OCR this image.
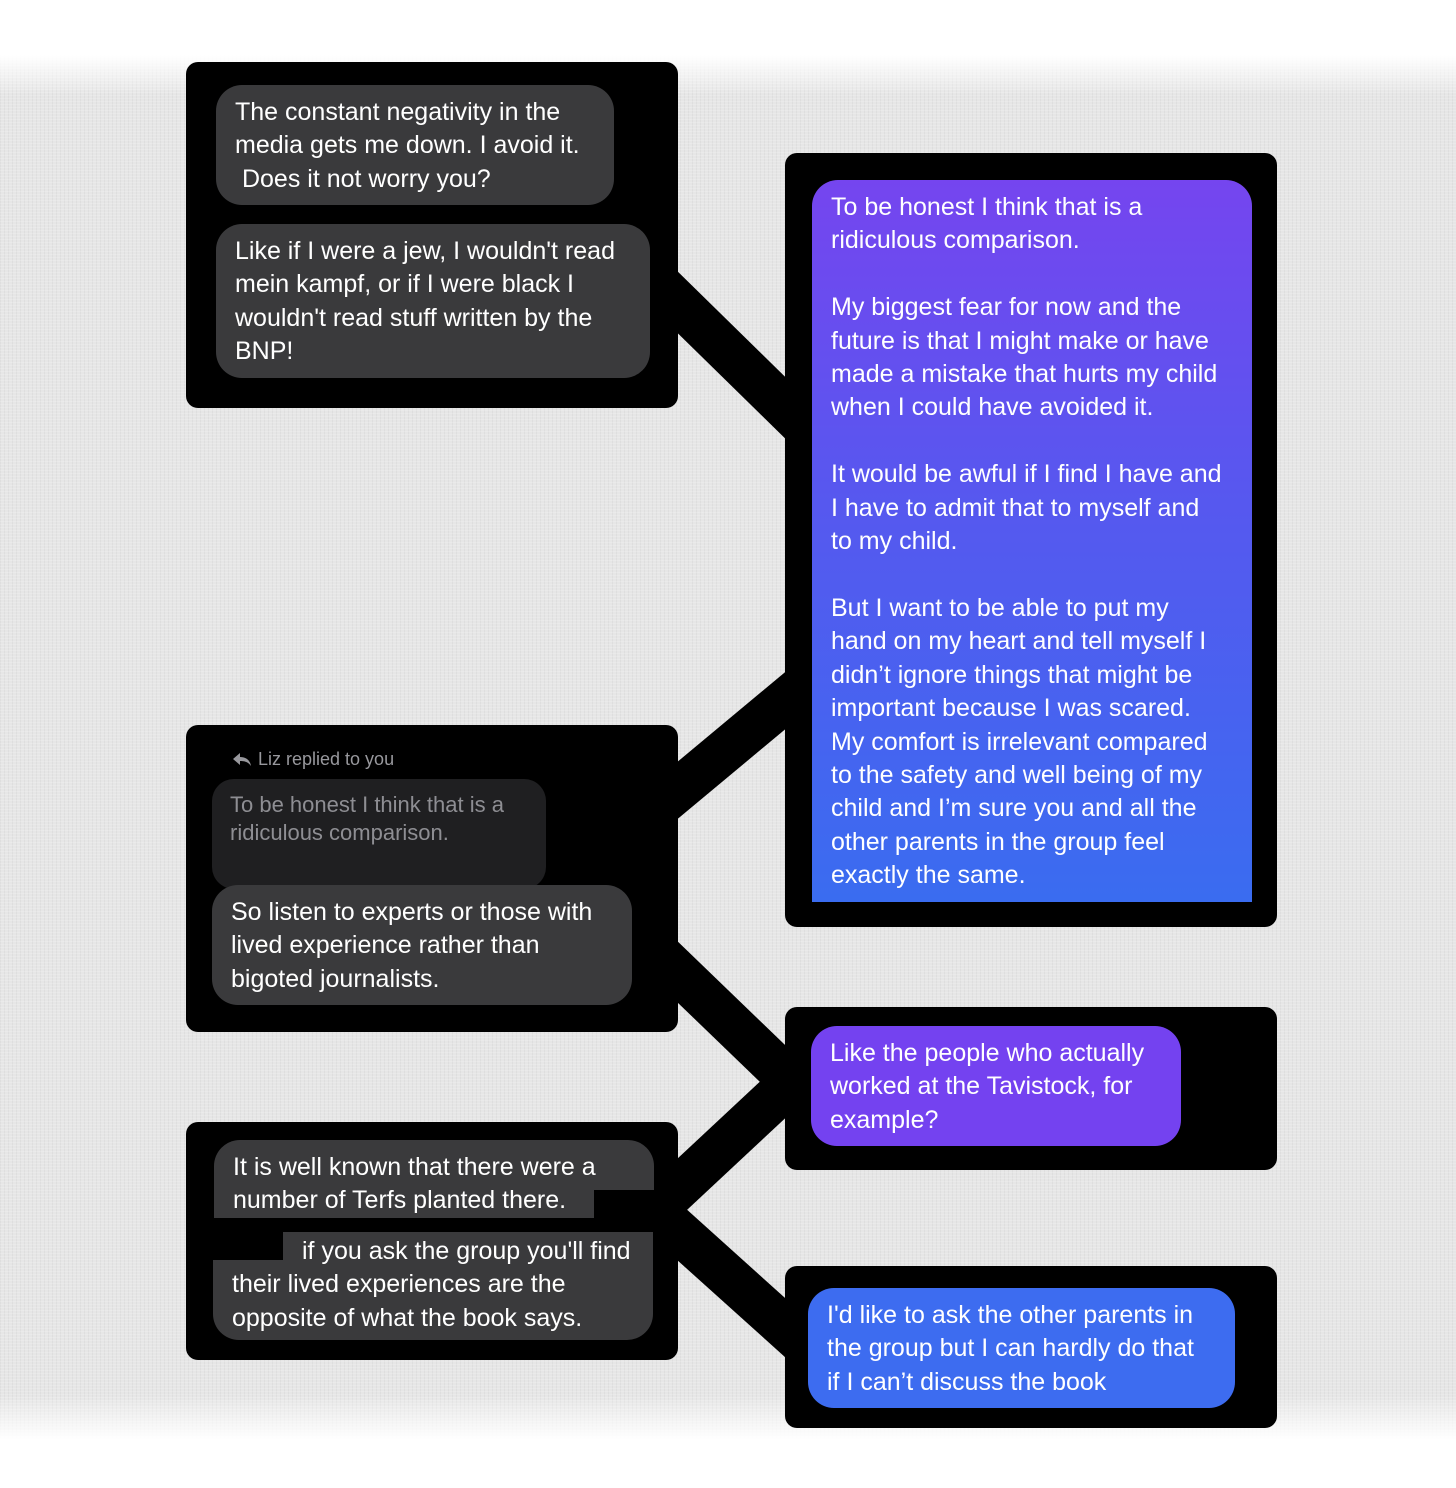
The constant negativity in the
media gets me down. I avoid it.
Does it not worry you?
Like if I were a jew, I wouldn't read
mein kampf, or if I were black I
wouldn't read stuff written by the
BNP!
To be honest I think that is a
ridiculous comparison.

My biggest fear for now and the
future is that I might make or have
made a mistake that hurts my child
when I could have avoided it.

It would be awful if I find I have and
I have to admit that to myself and
to my child.

But I want to be able to put my
hand on my heart and tell myself I
didn’t ignore things that might be
important because I was scared.
My comfort is irrelevant compared
to the safety and well being of my
child and I’m sure you and all the
other parents in the group feel
exactly the same.
Liz replied to you
To be honest I think that is a
ridiculous comparison.
So listen to experts or those with
lived experience rather than
bigoted journalists.
Like the people who actually
worked at the Tavistock, for
example?
It is well known that there were a
number of Terfs planted there.
if you ask the group you'll find
their lived experiences are the
opposite of what the book says.	I'd like to ask the other parents in
the group but I can hardly do that
if I can’t discuss the book
